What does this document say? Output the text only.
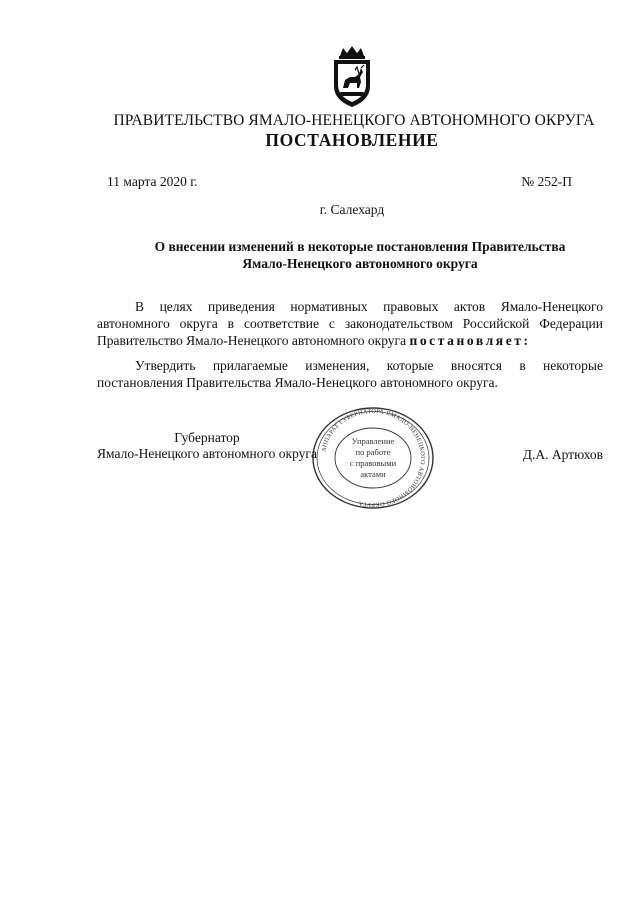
ПРАВИТЕЛЬСТВО ЯМАЛО-НЕНЕЦКОГО АВТОНОМНОГО ОКРУГА
ПОСТАНОВЛЕНИЕ
11 марта 2020 г.	№ 252-П
г. Салехард
О внесении изменений в некоторые постановления Правительства
Ямало-Ненецкого автономного округа
В целях приведения нормативных правовых актов Ямало-Ненецкого автономного округа в соответствие с законодательством Российской Федерации Правительство Ямало-Ненецкого автономного округа постановляет:
Утвердить прилагаемые изменения, которые вносятся в некоторые постановления Правительства Ямало-Ненецкого автономного округа.
Губернатор
Ямало-Ненецкого автономного округа АППАРАТ ГУБЕРНАТОРА ЯМАЛО-НЕНЕЦКОГО АВТОНОМНОГО ОКРУГА
Управление
по работе
с правовыми
актами
Д.А. Артюхов
